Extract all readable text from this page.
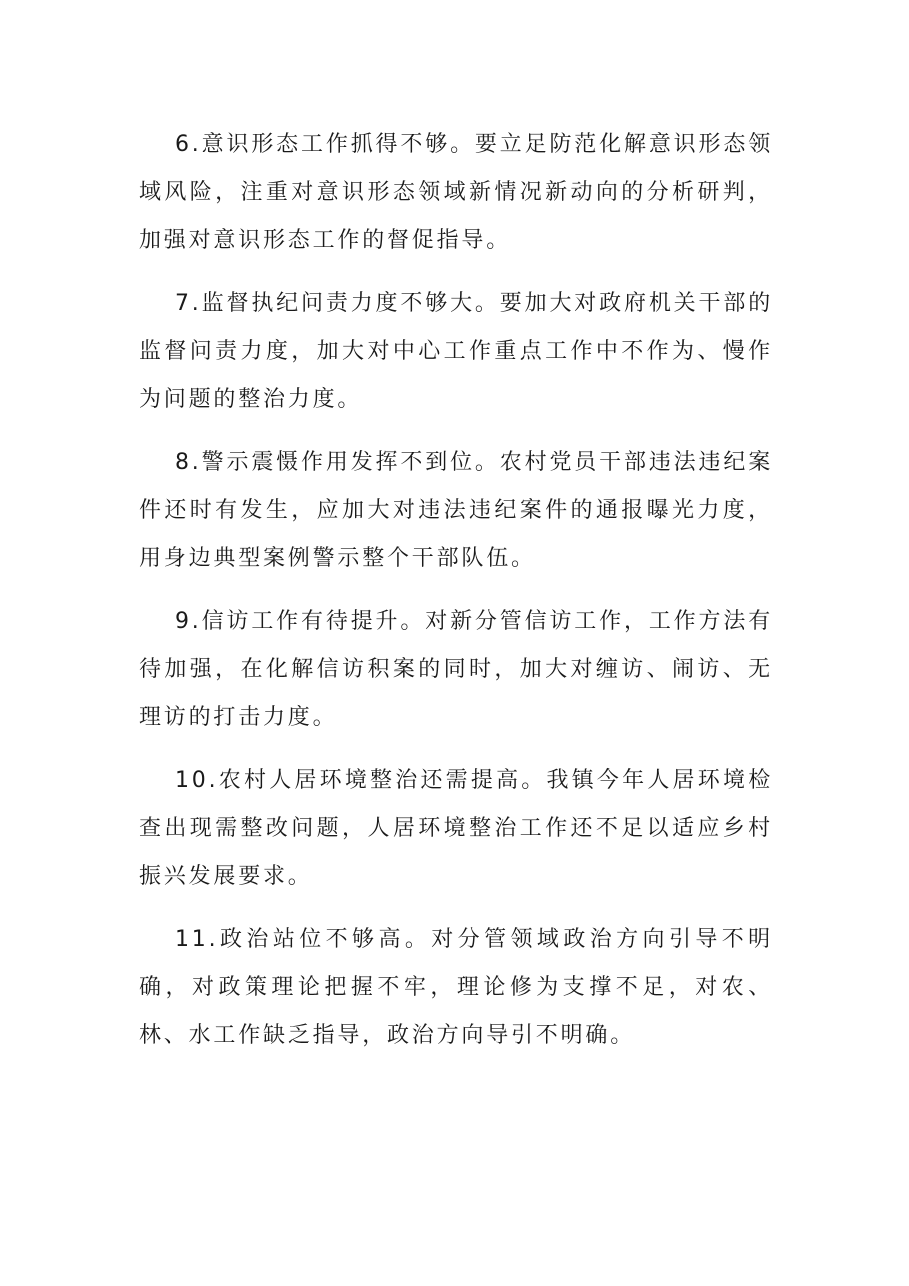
6.意识形态工作抓得不够。要立足防范化解意识形态领域风险，注重对意识形态领域新情况新动向的分析研判，加强对意识形态工作的督促指导。

7.监督执纪问责力度不够大。要加大对政府机关干部的监督问责力度，加大对中心工作重点工作中不作为、慢作为问题的整治力度。

8.警示震慑作用发挥不到位。农村党员干部违法违纪案件还时有发生，应加大对违法违纪案件的通报曝光力度，用身边典型案例警示整个干部队伍。

9.信访工作有待提升。对新分管信访工作，工作方法有待加强，在化解信访积案的同时，加大对缠访、闹访、无理访的打击力度。

10.农村人居环境整治还需提高。我镇今年人居环境检查出现需整改问题，人居环境整治工作还不足以适应乡村振兴发展要求。

11.政治站位不够高。对分管领域政治方向引导不明确，对政策理论把握不牢，理论修为支撑不足，对农、林、水工作缺乏指导，政治方向导引不明确。
